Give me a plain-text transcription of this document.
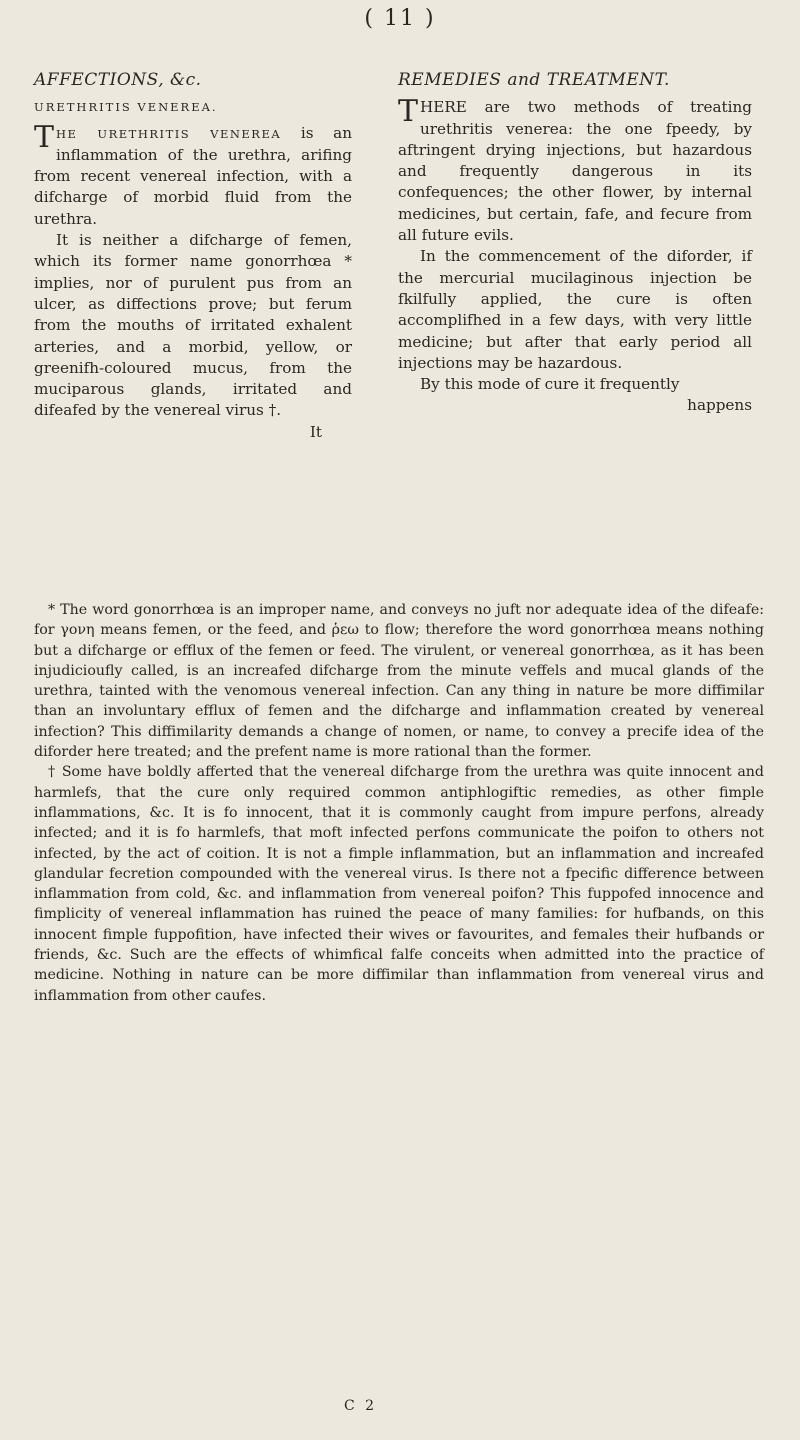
( 11 )

AFFECTIONS, &c.

URETHRITIS VENEREA.

THE URETHRITIS VENEREA is an inflammation of the urethra, arifing from recent venereal infection, with a difcharge of morbid fluid from the urethra.

It is neither a difcharge of femen, which its former name gonorrhœa * implies, nor of purulent pus from an ulcer, as diffections prove; but ferum from the mouths of irritated exhalent arteries, and a morbid, yellow, or greenifh-coloured mucus, from the muciparous glands, irritated and difeafed by the venereal virus †.

It

REMEDIES and TREATMENT.

THERE are two methods of treating urethritis venerea: the one fpeedy, by aftringent drying injections, but hazardous and frequently dangerous in its confequences; the other flower, by internal medicines, but certain, fafe, and fecure from all future evils.

In the commencement of the diforder, if the mercurial mucilaginous injection be fkilfully applied, the cure is often accomplifhed in a few days, with very little medicine; but after that early period all injections may be hazardous.

By this mode of cure it frequently

happens

* The word gonorrhœa is an improper name, and conveys no juft nor adequate idea of the difeafe: for γονη means femen, or the feed, and ῥεω to flow; therefore the word gonorrhœa means nothing but a difcharge or efflux of the femen or feed. The virulent, or venereal gonorrhœa, as it has been injudicioufly called, is an increafed difcharge from the minute veffels and mucal glands of the urethra, tainted with the venomous venereal infection. Can any thing in nature be more diffimilar than an involuntary efflux of femen and the difcharge and inflammation created by venereal infection? This diffimilarity demands a change of nomen, or name, to convey a precife idea of the diforder here treated; and the prefent name is more rational than the former.

† Some have boldly afferted that the venereal difcharge from the urethra was quite innocent and harmlefs, that the cure only required common antiphlogiftic remedies, as other fimple inflammations, &c. It is fo innocent, that it is commonly caught from impure perfons, already infected; and it is fo harmlefs, that moft infected perfons communicate the poifon to others not infected, by the act of coition. It is not a fimple inflammation, but an inflammation and increafed glandular fecretion compounded with the venereal virus. Is there not a fpecific difference between inflammation from cold, &c. and inflammation from venereal poifon? This fuppofed innocence and fimplicity of venereal inflammation has ruined the peace of many families: for hufbands, on this innocent fimple fuppofition, have infected their wives or favourites, and females their hufbands or friends, &c. Such are the effects of whimfical falfe conceits when admitted into the practice of medicine. Nothing in nature can be more diffimilar than inflammation from venereal virus and inflammation from other caufes.

C 2
